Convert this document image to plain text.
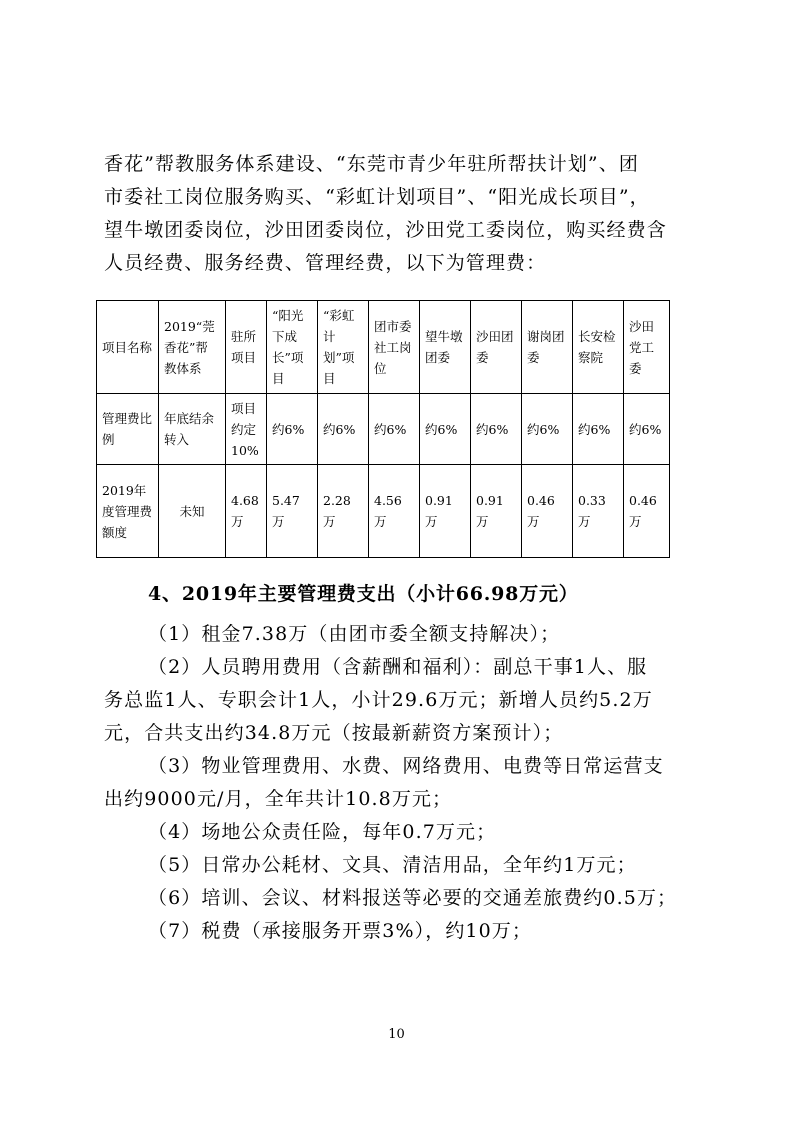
香花”帮教服务体系建设、“东莞市青少年驻所帮扶计划”、团
市委社工岗位服务购买、“彩虹计划项目”、“阳光成长项目”，
望牛墩团委岗位，沙田团委岗位，沙田党工委岗位，购买经费含
人员经费、服务经费、管理经费，以下为管理费：
项目名称	2019“莞香花”帮教体系	驻所项目	“阳光下成长”项目	“彩虹计划”项目	团市委社工岗位	望牛墩团委	沙田团委	谢岗团委	长安检察院	沙田党工委
管理费比例	年底结余转入	项目约定10%	约6%	约6%	约6%	约6%	约6%	约6%	约6%	约6%
2019年度管理费额度	未知	4.68万	5.47万	2.28万	4.56万	0.91万	0.91万	0.46万	0.33万	0.46万
4、2019年主要管理费支出（小计66.98万元）
（1）租金7.38万（由团市委全额支持解决）；
（2）人员聘用费用（含薪酬和福利）：副总干事1人、服
务总监1人、专职会计1人，小计29.6万元；新增人员约5.2万
元，合共支出约34.8万元（按最新薪资方案预计）；
（3）物业管理费用、水费、网络费用、电费等日常运营支
出约9000元/月，全年共计10.8万元；
（4）场地公众责任险，每年0.7万元；
（5）日常办公耗材、文具、清洁用品，全年约1万元；
（6）培训、会议、材料报送等必要的交通差旅费约0.5万；
（7）税费（承接服务开票3%），约10万；
10
